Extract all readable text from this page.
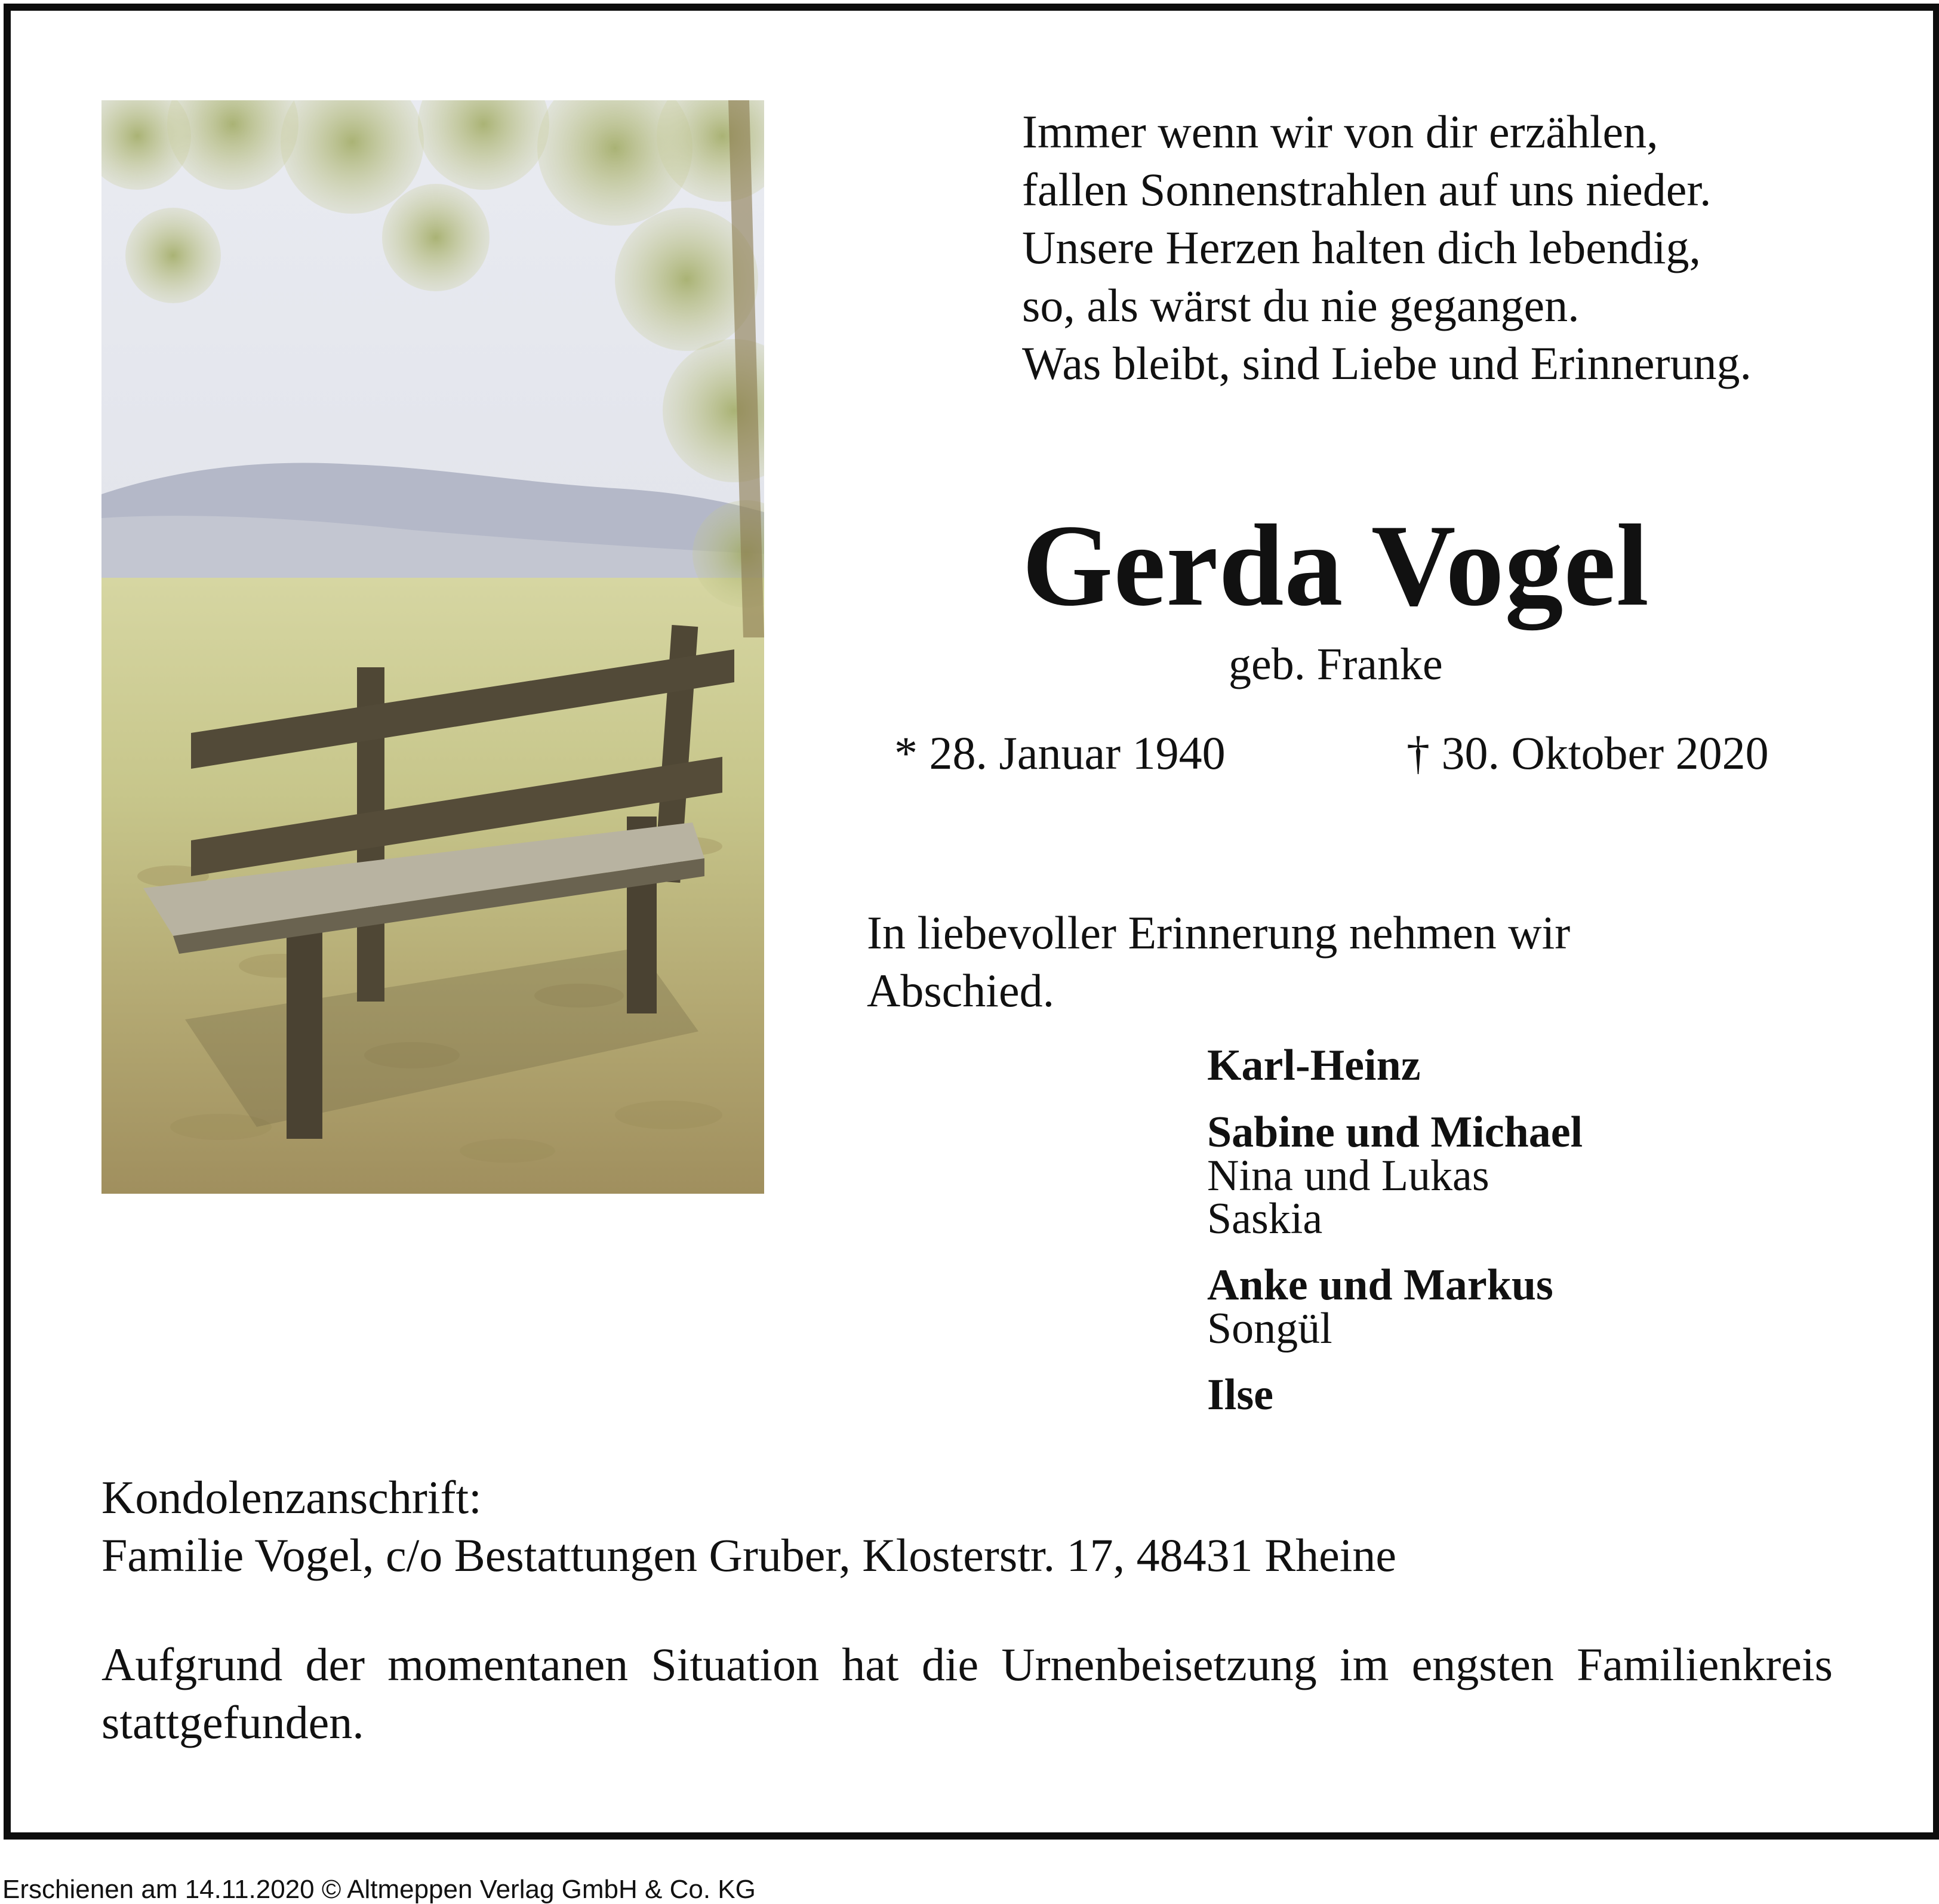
Immer wenn wir von dir erzählen,
fallen Sonnenstrahlen auf uns nieder.
Unsere Herzen halten dich lebendig,
so, als wärst du nie gegangen.
Was bleibt, sind Liebe und Erinnerung.
Gerda Vogel
geb. Franke
* 28. Januar 1940	† 30. Oktober 2020
In liebevoller Erinnerung nehmen wir
Abschied.
Karl-Heinz
Sabine und Michael
Nina und Lukas
Saskia
Anke und Markus
Songül
Ilse
Kondolenzanschrift:
Familie Vogel, c/o Bestattungen Gruber, Klosterstr. 17, 48431 Rheine
Aufgrund der momentanen Situation hat die Urnenbeisetzung im engsten Familienkreis stattgefunden.
Erschienen am 14.11.2020 © Altmeppen Verlag GmbH & Co. KG
